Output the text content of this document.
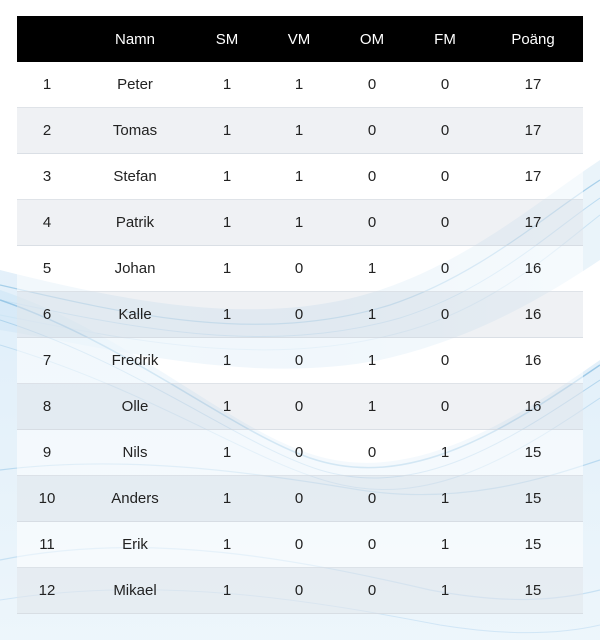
	Namn	SM	VM	OM	FM	Poäng
1	Peter	1	1	0	0	17
2	Tomas	1	1	0	0	17
3	Stefan	1	1	0	0	17
4	Patrik	1	1	0	0	17
5	Johan	1	0	1	0	16
6	Kalle	1	0	1	0	16
7	Fredrik	1	0	1	0	16
8	Olle	1	0	1	0	16
9	Nils	1	0	0	1	15
10	Anders	1	0	0	1	15
11	Erik	1	0	0	1	15
12	Mikael	1	0	0	1	15
